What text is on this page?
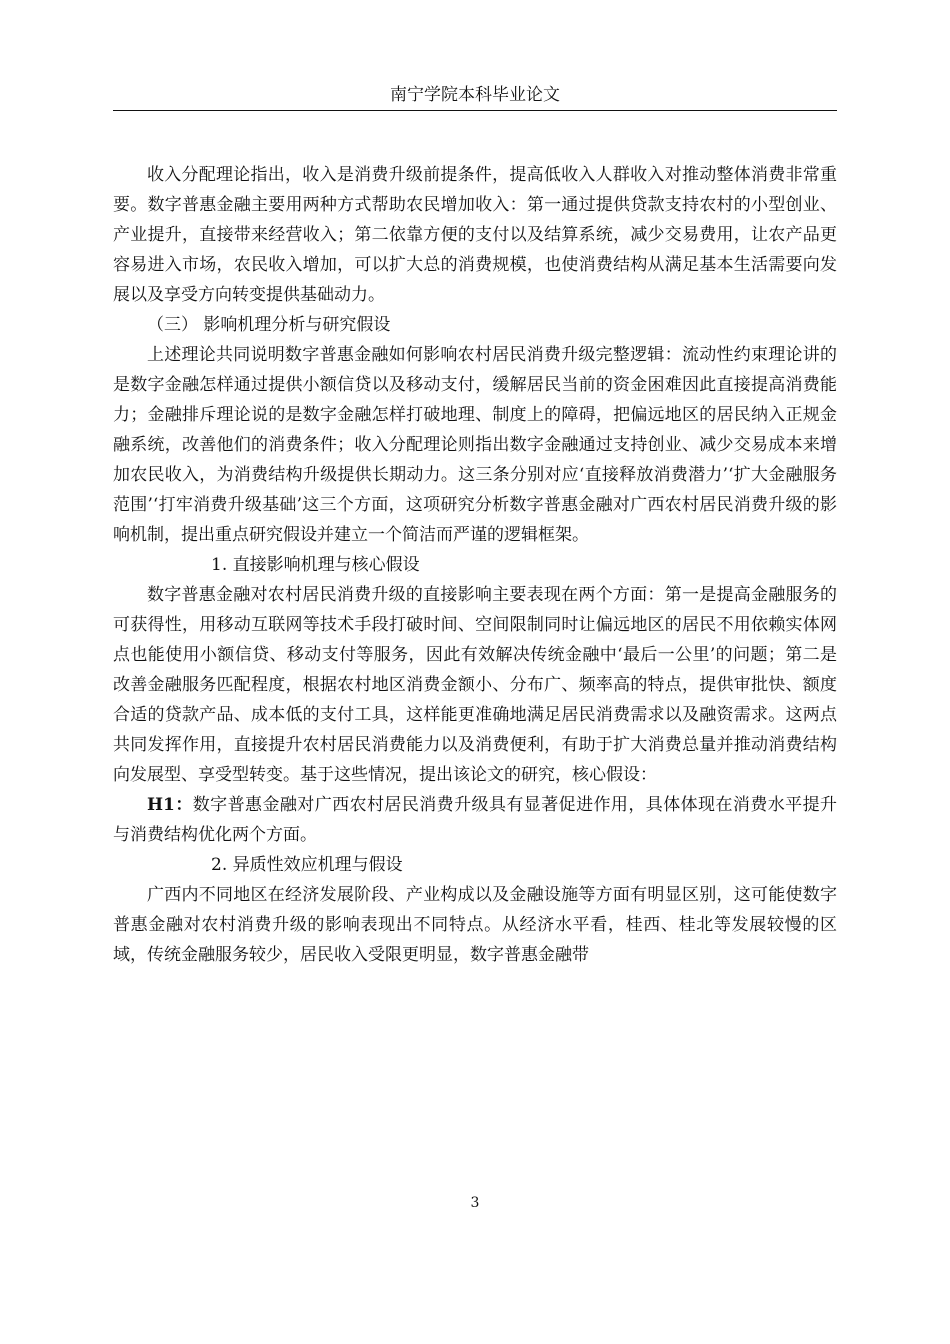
南宁学院本科毕业论文

收入分配理论指出，收入是消费升级前提条件，提高低收入人群收入对推动整体消费非常重要。数字普惠金融主要用两种方式帮助农民增加收入：第一通过提供贷款支持农村的小型创业、产业提升，直接带来经营收入；第二依靠方便的支付以及结算系统，减少交易费用，让农产品更容易进入市场，农民收入增加，可以扩大总的消费规模，也使消费结构从满足基本生活需要向发展以及享受方向转变提供基础动力。

（三） 影响机理分析与研究假设

上述理论共同说明数字普惠金融如何影响农村居民消费升级完整逻辑：流动性约束理论讲的是数字金融怎样通过提供小额信贷以及移动支付，缓解居民当前的资金困难因此直接提高消费能力；金融排斥理论说的是数字金融怎样打破地理、制度上的障碍，把偏远地区的居民纳入正规金融系统，改善他们的消费条件；收入分配理论则指出数字金融通过支持创业、减少交易成本来增加农民收入，为消费结构升级提供长期动力。这三条分别对应‘直接释放消费潜力’‘扩大金融服务范围’‘打牢消费升级基础’这三个方面，这项研究分析数字普惠金融对广西农村居民消费升级的影响机制，提出重点研究假设并建立一个简洁而严谨的逻辑框架。

1. 直接影响机理与核心假设

数字普惠金融对农村居民消费升级的直接影响主要表现在两个方面：第一是提高金融服务的可获得性，用移动互联网等技术手段打破时间、空间限制同时让偏远地区的居民不用依赖实体网点也能使用小额信贷、移动支付等服务，因此有效解决传统金融中‘最后一公里’的问题；第二是改善金融服务匹配程度，根据农村地区消费金额小、分布广、频率高的特点，提供审批快、额度合适的贷款产品、成本低的支付工具，这样能更准确地满足居民消费需求以及融资需求。这两点共同发挥作用，直接提升农村居民消费能力以及消费便利，有助于扩大消费总量并推动消费结构向发展型、享受型转变。基于这些情况，提出该论文的研究，核心假设：

H1：数字普惠金融对广西农村居民消费升级具有显著促进作用，具体体现在消费水平提升与消费结构优化两个方面。

2. 异质性效应机理与假设

广西内不同地区在经济发展阶段、产业构成以及金融设施等方面有明显区别，这可能使数字普惠金融对农村消费升级的影响表现出不同特点。从经济水平看，桂西、桂北等发展较慢的区域，传统金融服务较少，居民收入受限更明显，数字普惠金融带

3
